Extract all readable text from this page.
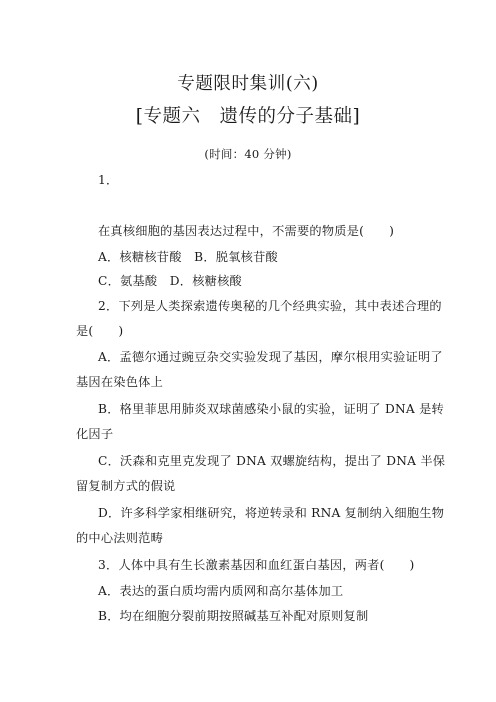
专题限时集训(六)
[专题六　遗传的分子基础]
(时间：40 分钟)
1．
在真核细胞的基因表达过程中，不需要的物质是(　　)
A．核糖核苷酸　B．脱氧核苷酸
C．氨基酸　D．核糖核酸
2．下列是人类探索遗传奥秘的几个经典实验，其中表述合理的
是(　　)
A．孟德尔通过豌豆杂交实验发现了基因，摩尔根用实验证明了
基因在染色体上
B．格里菲思用肺炎双球菌感染小鼠的实验，证明了 DNA 是转
化因子
C．沃森和克里克发现了 DNA 双螺旋结构，提出了 DNA 半保
留复制方式的假说
D．许多科学家相继研究，将逆转录和 RNA 复制纳入细胞生物
的中心法则范畴
3．人体中具有生长激素基因和血红蛋白基因，两者(　　)
A．表达的蛋白质均需内质网和高尔基体加工
B．均在细胞分裂前期按照碱基互补配对原则复制
